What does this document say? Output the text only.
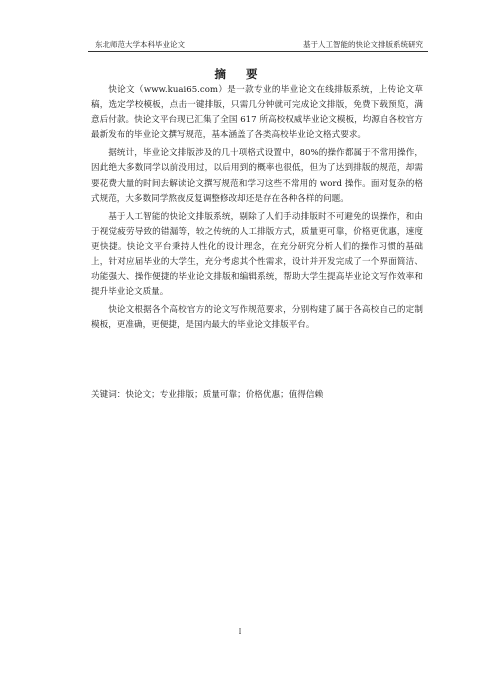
东北师范大学本科毕业论文	基于人工智能的快论文排版系统研究
摘 要

快论文（www.kuai65.com）是一款专业的毕业论文在线排版系统，上传论文草稿，选定学校模板，点击一键排版，只需几分钟就可完成论文排版，免费下载预览，满意后付款。快论文平台现已汇集了全国 617 所高校权威毕业论文模板，均源自各校官方最新发布的毕业论文撰写规范，基本涵盖了各类高校毕业论文格式要求。

据统计，毕业论文排版涉及的几十项格式设置中，80%的操作都属于不常用操作，因此绝大多数同学以前没用过，以后用到的概率也很低，但为了达到排版的规范，却需要花费大量的时间去解读论文撰写规范和学习这些不常用的 word 操作。面对复杂的格式规范，大多数同学熬夜反复调整修改却还是存在各种各样的问题。

基于人工智能的快论文排版系统，剔除了人们手动排版时不可避免的误操作，和由于视觉疲劳导致的错漏等，较之传统的人工排版方式，质量更可靠，价格更优惠，速度更快捷。快论文平台秉持人性化的设计理念，在充分研究分析人们的操作习惯的基础上，针对应届毕业的大学生，充分考虑其个性需求，设计并开发完成了一个界面简洁、功能强大、操作便捷的毕业论文排版和编辑系统，帮助大学生提高毕业论文写作效率和提升毕业论文质量。

快论文根据各个高校官方的论文写作规范要求，分别构建了属于各高校自己的定制模板，更准确，更便捷，是国内最大的毕业论文排版平台。

关键词：快论文；专业排版；质量可靠；价格优惠；值得信赖
I
